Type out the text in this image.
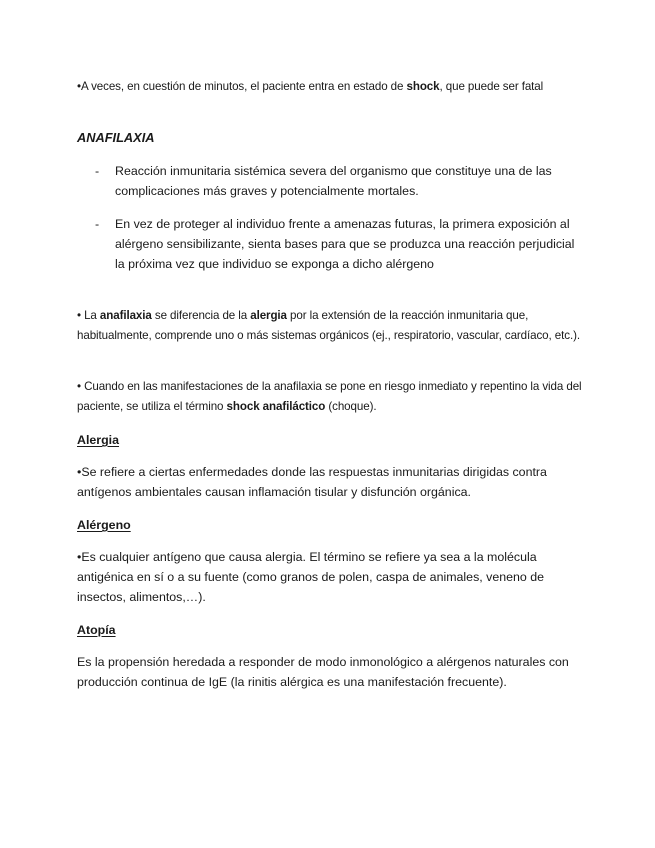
•A veces, en cuestión de minutos, el paciente entra en estado de shock, que puede ser fatal

ANAFILAXIA

- Reacción inmunitaria sistémica severa del organismo que constituye una de las complicaciones más graves y potencialmente mortales.

- En vez de proteger al individuo frente a amenazas futuras, la primera exposición al alérgeno sensibilizante, sienta bases para que se produzca una reacción perjudicial la próxima vez que individuo se exponga a dicho alérgeno

• La anafilaxia se diferencia de la alergia por la extensión de la reacción inmunitaria que, habitualmente, comprende uno o más sistemas orgánicos (ej., respiratorio, vascular, cardíaco, etc.).

• Cuando en las manifestaciones de la anafilaxia se pone en riesgo inmediato y repentino la vida del paciente, se utiliza el término shock anafiláctico (choque).

Alergia

•Se refiere a ciertas enfermedades donde las respuestas inmunitarias dirigidas contra antígenos ambientales causan inflamación tisular y disfunción orgánica.

Alérgeno

•Es cualquier antígeno que causa alergia. El término se refiere ya sea a la molécula antigénica en sí o a su fuente (como granos de polen, caspa de animales, veneno de insectos, alimentos,…).

Atopía

Es la propensión heredada a responder de modo inmonológico a alérgenos naturales con producción continua de IgE (la rinitis alérgica es una manifestación frecuente).
